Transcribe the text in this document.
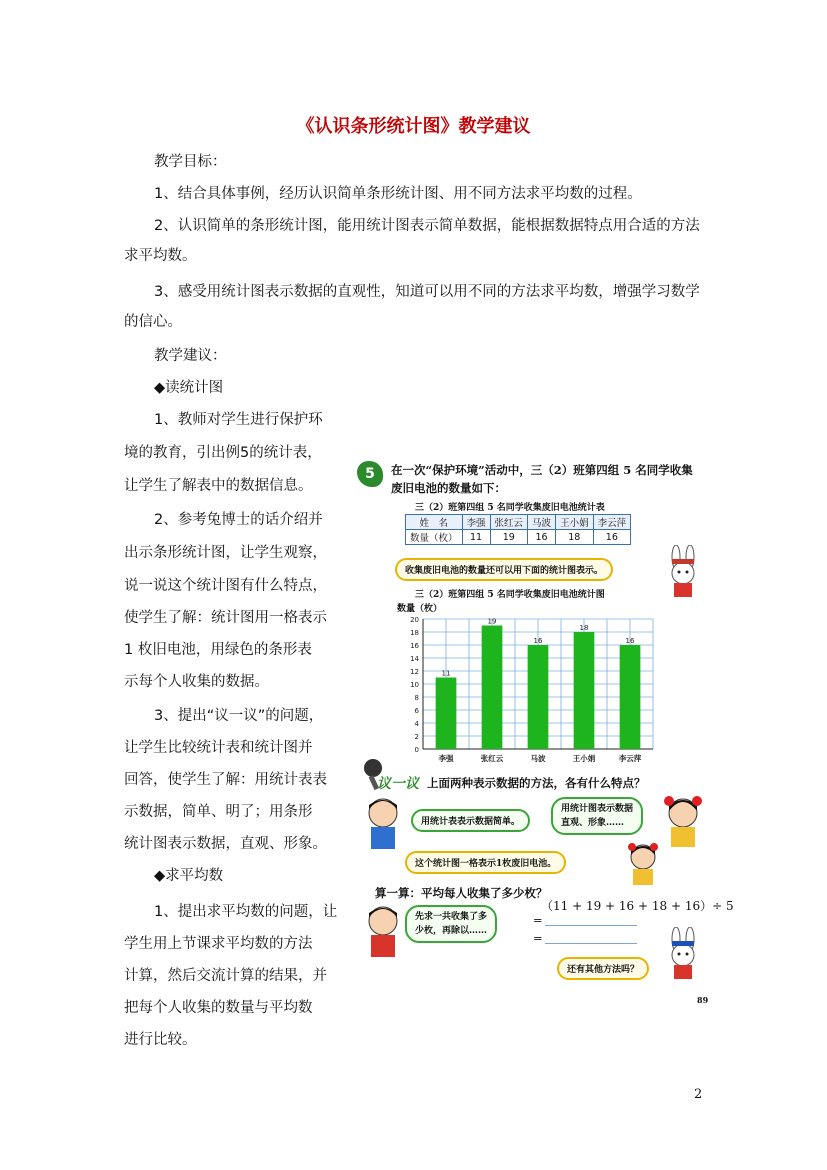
《认识条形统计图》教学建议
教学目标：
1、结合具体事例，经历认识简单条形统计图、用不同方法求平均数的过程。
2、认识简单的条形统计图，能用统计图表示简单数据，能根据数据特点用合适的方法
求平均数。
3、感受用统计图表示数据的直观性，知道可以用不同的方法求平均数，增强学习数学
的信心。
教学建议：
◆读统计图
1、教师对学生进行保护环
境的教育，引出例5的统计表，
让学生了解表中的数据信息。
2、参考兔博士的话介绍并
出示条形统计图，让学生观察，
说一说这个统计图有什么特点，
使学生了解：统计图用一格表示
1 枚旧电池，用绿色的条形表
示每个人收集的数据。
3、提出“议一议”的问题，
让学生比较统计表和统计图并
回答，使学生了解：用统计表表
示数据，简单、明了；用条形
统计图表示数据，直观、形象。
◆求平均数
1、提出求平均数的问题，让
学生用上节课求平均数的方法
计算，然后交流计算的结果，并
把每个人收集的数量与平均数
进行比较。
5	在一次“保护环境”活动中，三（2）班第四组 5 名同学收集
废旧电池的数量如下：
三（2）班第四组 5 名同学收集废旧电池统计表
姓　名	李强	张红云	马波	王小娟	李云萍
数量（枚）	11	19	16	18	16
收集废旧电池的数量还可以用下面的统计图表示。
三（2）班第四组 5 名同学收集废旧电池统计图
数量（枚）
0
2
4
6
8
10
12
14
16
18
20
11
李强
19
张红云
16
马波
18
王小娟
16
李云萍
议一议 上面两种表示数据的方法，各有什么特点？
用统计表表示数据简单。
用统计图表示数据
直观、形象……
这个统计图一格表示1枚废旧电池。
算一算：平均每人收集了多少枚？
先求一共收集了多
少枚，再除以……
（11 + 19 + 16 + 18 + 16）÷ 5
=
=
还有其他方法吗？
89
2
